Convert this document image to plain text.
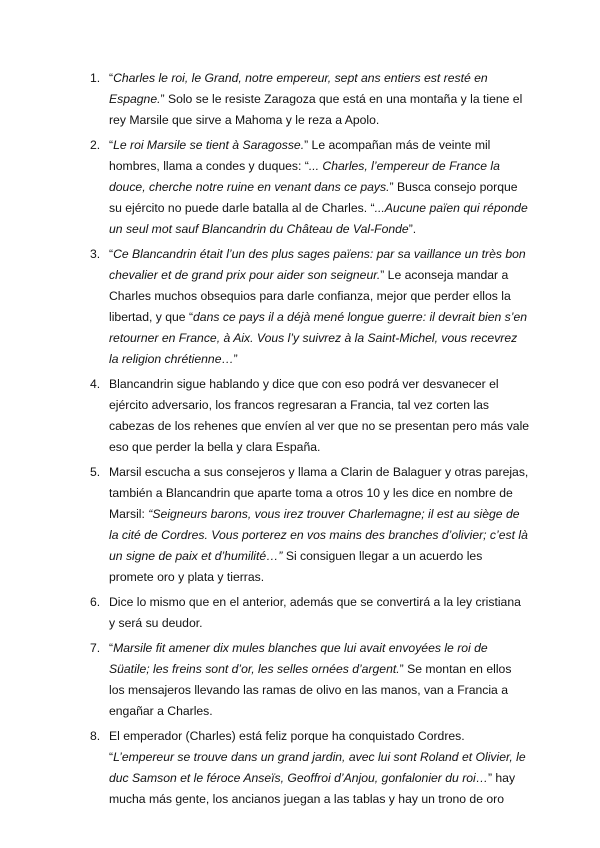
1. “Charles le roi, le Grand, notre empereur, sept ans entiers est resté en Espagne.” Solo se le resiste Zaragoza que está en una montaña y la tiene el rey Marsile que sirve a Mahoma y le reza a Apolo.
2. “Le roi Marsile se tient à Saragosse.” Le acompañan más de veinte mil hombres, llama a condes y duques: “... Charles, l’empereur de France la douce, cherche notre ruine en venant dans ce pays.” Busca consejo porque su ejército no puede darle batalla al de Charles. “...Aucune païen qui réponde un seul mot sauf Blancandrin du Château de Val-Fonde”.
3. “Ce Blancandrin était l’un des plus sages païens: par sa vaillance un très bon chevalier et de grand prix pour aider son seigneur.” Le aconseja mandar a Charles muchos obsequios para darle confianza, mejor que perder ellos la libertad, y que “dans ce pays il a déjà mené longue guerre: il devrait bien s’en retourner en France, à Aix. Vous l’y suivrez à la Saint-Michel, vous recevrez la religion chrétienne…”
4. Blancandrin sigue hablando y dice que con eso podrá ver desvanecer el ejército adversario, los francos regresaran a Francia, tal vez corten las cabezas de los rehenes que envíen al ver que no se presentan pero más vale eso que perder la bella y clara España.
5. Marsil escucha a sus consejeros y llama a Clarin de Balaguer y otras parejas, también a Blancandrin que aparte toma a otros 10 y les dice en nombre de Marsil: “Seigneurs barons, vous irez trouver Charlemagne; il est au siège de la cité de Cordres. Vous porterez en vos mains des branches d’olivier; c’est là un signe de paix et d’humilité…” Si consiguen llegar a un acuerdo les promete oro y plata y tierras.
6. Dice lo mismo que en el anterior, además que se convertirá a la ley cristiana y será su deudor.
7. “Marsile fit amener dix mules blanches que lui avait envoyées le roi de Süatile; les freins sont d’or, les selles ornées d’argent.” Se montan en ellos los mensajeros llevando las ramas de olivo en las manos, van a Francia a engañar a Charles.
8. El emperador (Charles) está feliz porque ha conquistado Cordres. “L’empereur se trouve dans un grand jardin, avec lui sont Roland et Olivier, le duc Samson et le féroce Anseïs, Geoffroi d’Anjou, gonfalonier du roi…” hay mucha más gente, los ancianos juegan a las tablas y hay un trono de oro
